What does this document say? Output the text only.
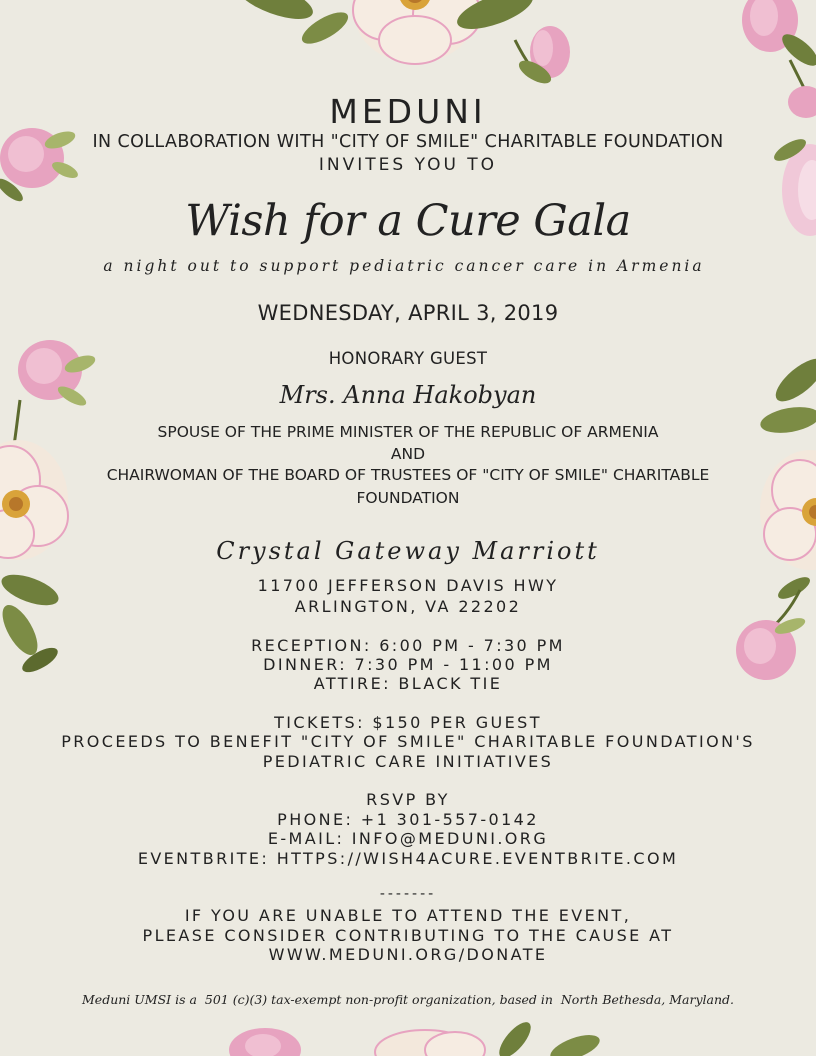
MEDUNI
IN COLLABORATION WITH "CITY OF SMILE" CHARITABLE FOUNDATION
INVITES YOU TO
Wish for a Cure Gala
a night out to support pediatric cancer care in Armenia
WEDNESDAY, APRIL 3, 2019
HONORARY GUEST
Mrs. Anna Hakobyan
SPOUSE OF THE PRIME MINISTER OF THE REPUBLIC OF ARMENIA
AND
CHAIRWOMAN OF THE BOARD OF TRUSTEES OF "CITY OF SMILE" CHARITABLE
FOUNDATION
Crystal Gateway Marriott
11700 JEFFERSON DAVIS HWY
ARLINGTON, VA 22202
RECEPTION: 6:00 PM - 7:30 PM
DINNER: 7:30 PM - 11:00 PM
ATTIRE: BLACK TIE
TICKETS: $150 PER GUEST
PROCEEDS TO BENEFIT "CITY OF SMILE" CHARITABLE FOUNDATION'S
PEDIATRIC CARE INITIATIVES
RSVP BY
PHONE: +1 301-557-0142
E-MAIL: INFO@MEDUNI.ORG
EVENTBRITE: HTTPS://WISH4ACURE.EVENTBRITE.COM
-------
IF YOU ARE UNABLE TO ATTEND THE EVENT,
PLEASE CONSIDER CONTRIBUTING TO THE CAUSE AT
WWW.MEDUNI.ORG/DONATE
Meduni UMSI is a  501 (c)(3) tax-exempt non-profit organization, based in  North Bethesda, Maryland.
